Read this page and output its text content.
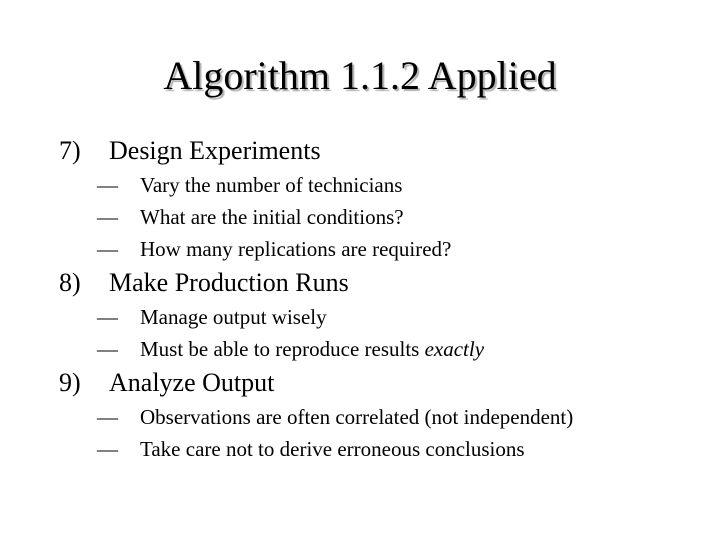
Algorithm 1.1.2 Applied
7) Design Experiments
— Vary the number of technicians
— What are the initial conditions?
— How many replications are required?
8) Make Production Runs
— Manage output wisely
— Must be able to reproduce results exactly
9) Analyze Output
— Observations are often correlated (not independent)
— Take care not to derive erroneous conclusions
